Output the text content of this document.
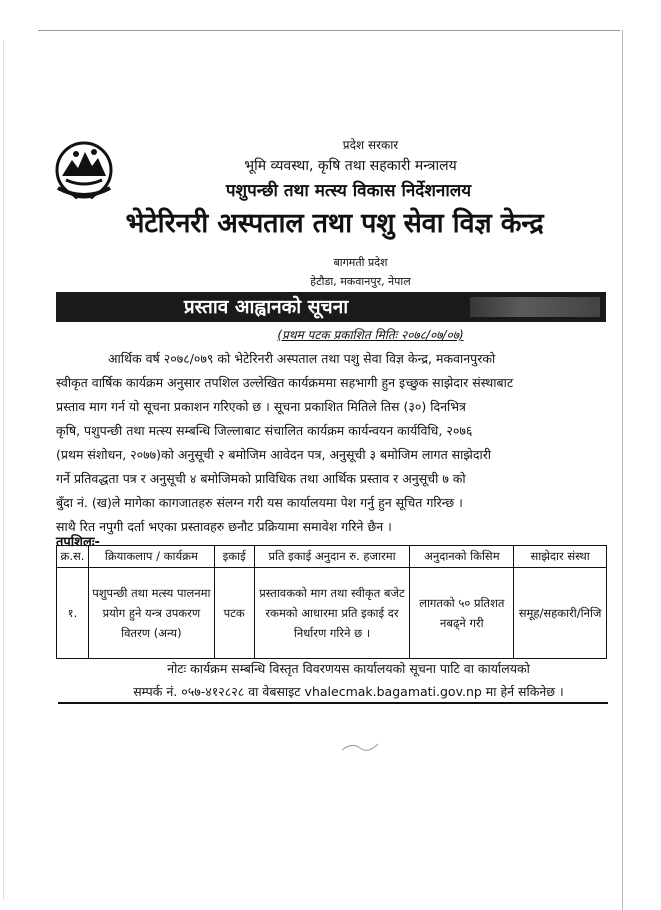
प्रदेश सरकार
भूमि व्यवस्था, कृषि तथा सहकारी मन्त्रालय
पशुपन्छी तथा मत्स्य विकास निर्देशनालय
भेटेरिनरी अस्पताल तथा पशु सेवा विज्ञ केन्द्र
बागमती प्रदेश
हेटौडा, मकवानपुर, नेपाल
प्रस्ताव आह्वानको सूचना
(प्रथम पटक प्रकाशित मितिः २०७८/०७/०७)
आर्थिक वर्ष २०७८/०७९ को भेटेरिनरी अस्पताल तथा पशु सेवा विज्ञ केन्द्र, मकवानपुरको
स्वीकृत वार्षिक कार्यक्रम अनुसार तपशिल उल्लेखित कार्यक्रममा सहभागी हुन इच्छुक साझेदार संस्थाबाट
प्रस्ताव माग गर्न यो सूचना प्रकाशन गरिएको छ । सूचना प्रकाशित मितिले तिस (३०) दिनभित्र
कृषि, पशुपन्छी तथा मत्स्य सम्बन्धि जिल्लाबाट संचालित कार्यक्रम कार्यन्वयन कार्यविधि, २०७६
(प्रथम संशोधन, २०७७)को अनुसूची २ बमोजिम आवेदन पत्र, अनुसूची ३ बमोजिम लागत साझेदारी
गर्ने प्रतिवद्धता पत्र र अनुसूची ४ बमोजिमको प्राविधिक तथा आर्थिक प्रस्ताव र अनुसूची ७ को
बुँदा नं. (ख)ले मागेका कागजातहरु संलग्न गरी यस कार्यालयमा पेश गर्नु हुन सूचित गरिन्छ ।
साथै रित नपुगी दर्ता भएका प्रस्तावहरु छनौट प्रक्रियामा समावेश गरिने छैन ।
तपशिलः-
क्र.स.	क्रियाकलाप / कार्यक्रम	इकाई	प्रति इकाई अनुदान रु. हजारमा	अनुदानको किसिम	साझेदार संस्था
१.	पशुपन्छी तथा मत्स्य पालनमा प्रयोग हुने यन्त्र उपकरण वितरण (अन्य)	पटक	प्रस्तावकको माग तथा स्वीकृत बजेट रकमको आधारमा प्रति इकाई दर निर्धारण गरिने छ ।	लागतको ५० प्रतिशत नबढ्ने गरी	समूह/सहकारी/निजि
नोटः कार्यक्रम सम्बन्धि विस्तृत विवरणयस कार्यालयको सूचना पाटि वा कार्यालयको
सम्पर्क नं. ०५७-४१२८२८ वा वेबसाइट vhalecmak.bagamati.gov.np मा हेर्न सकिनेछ ।
